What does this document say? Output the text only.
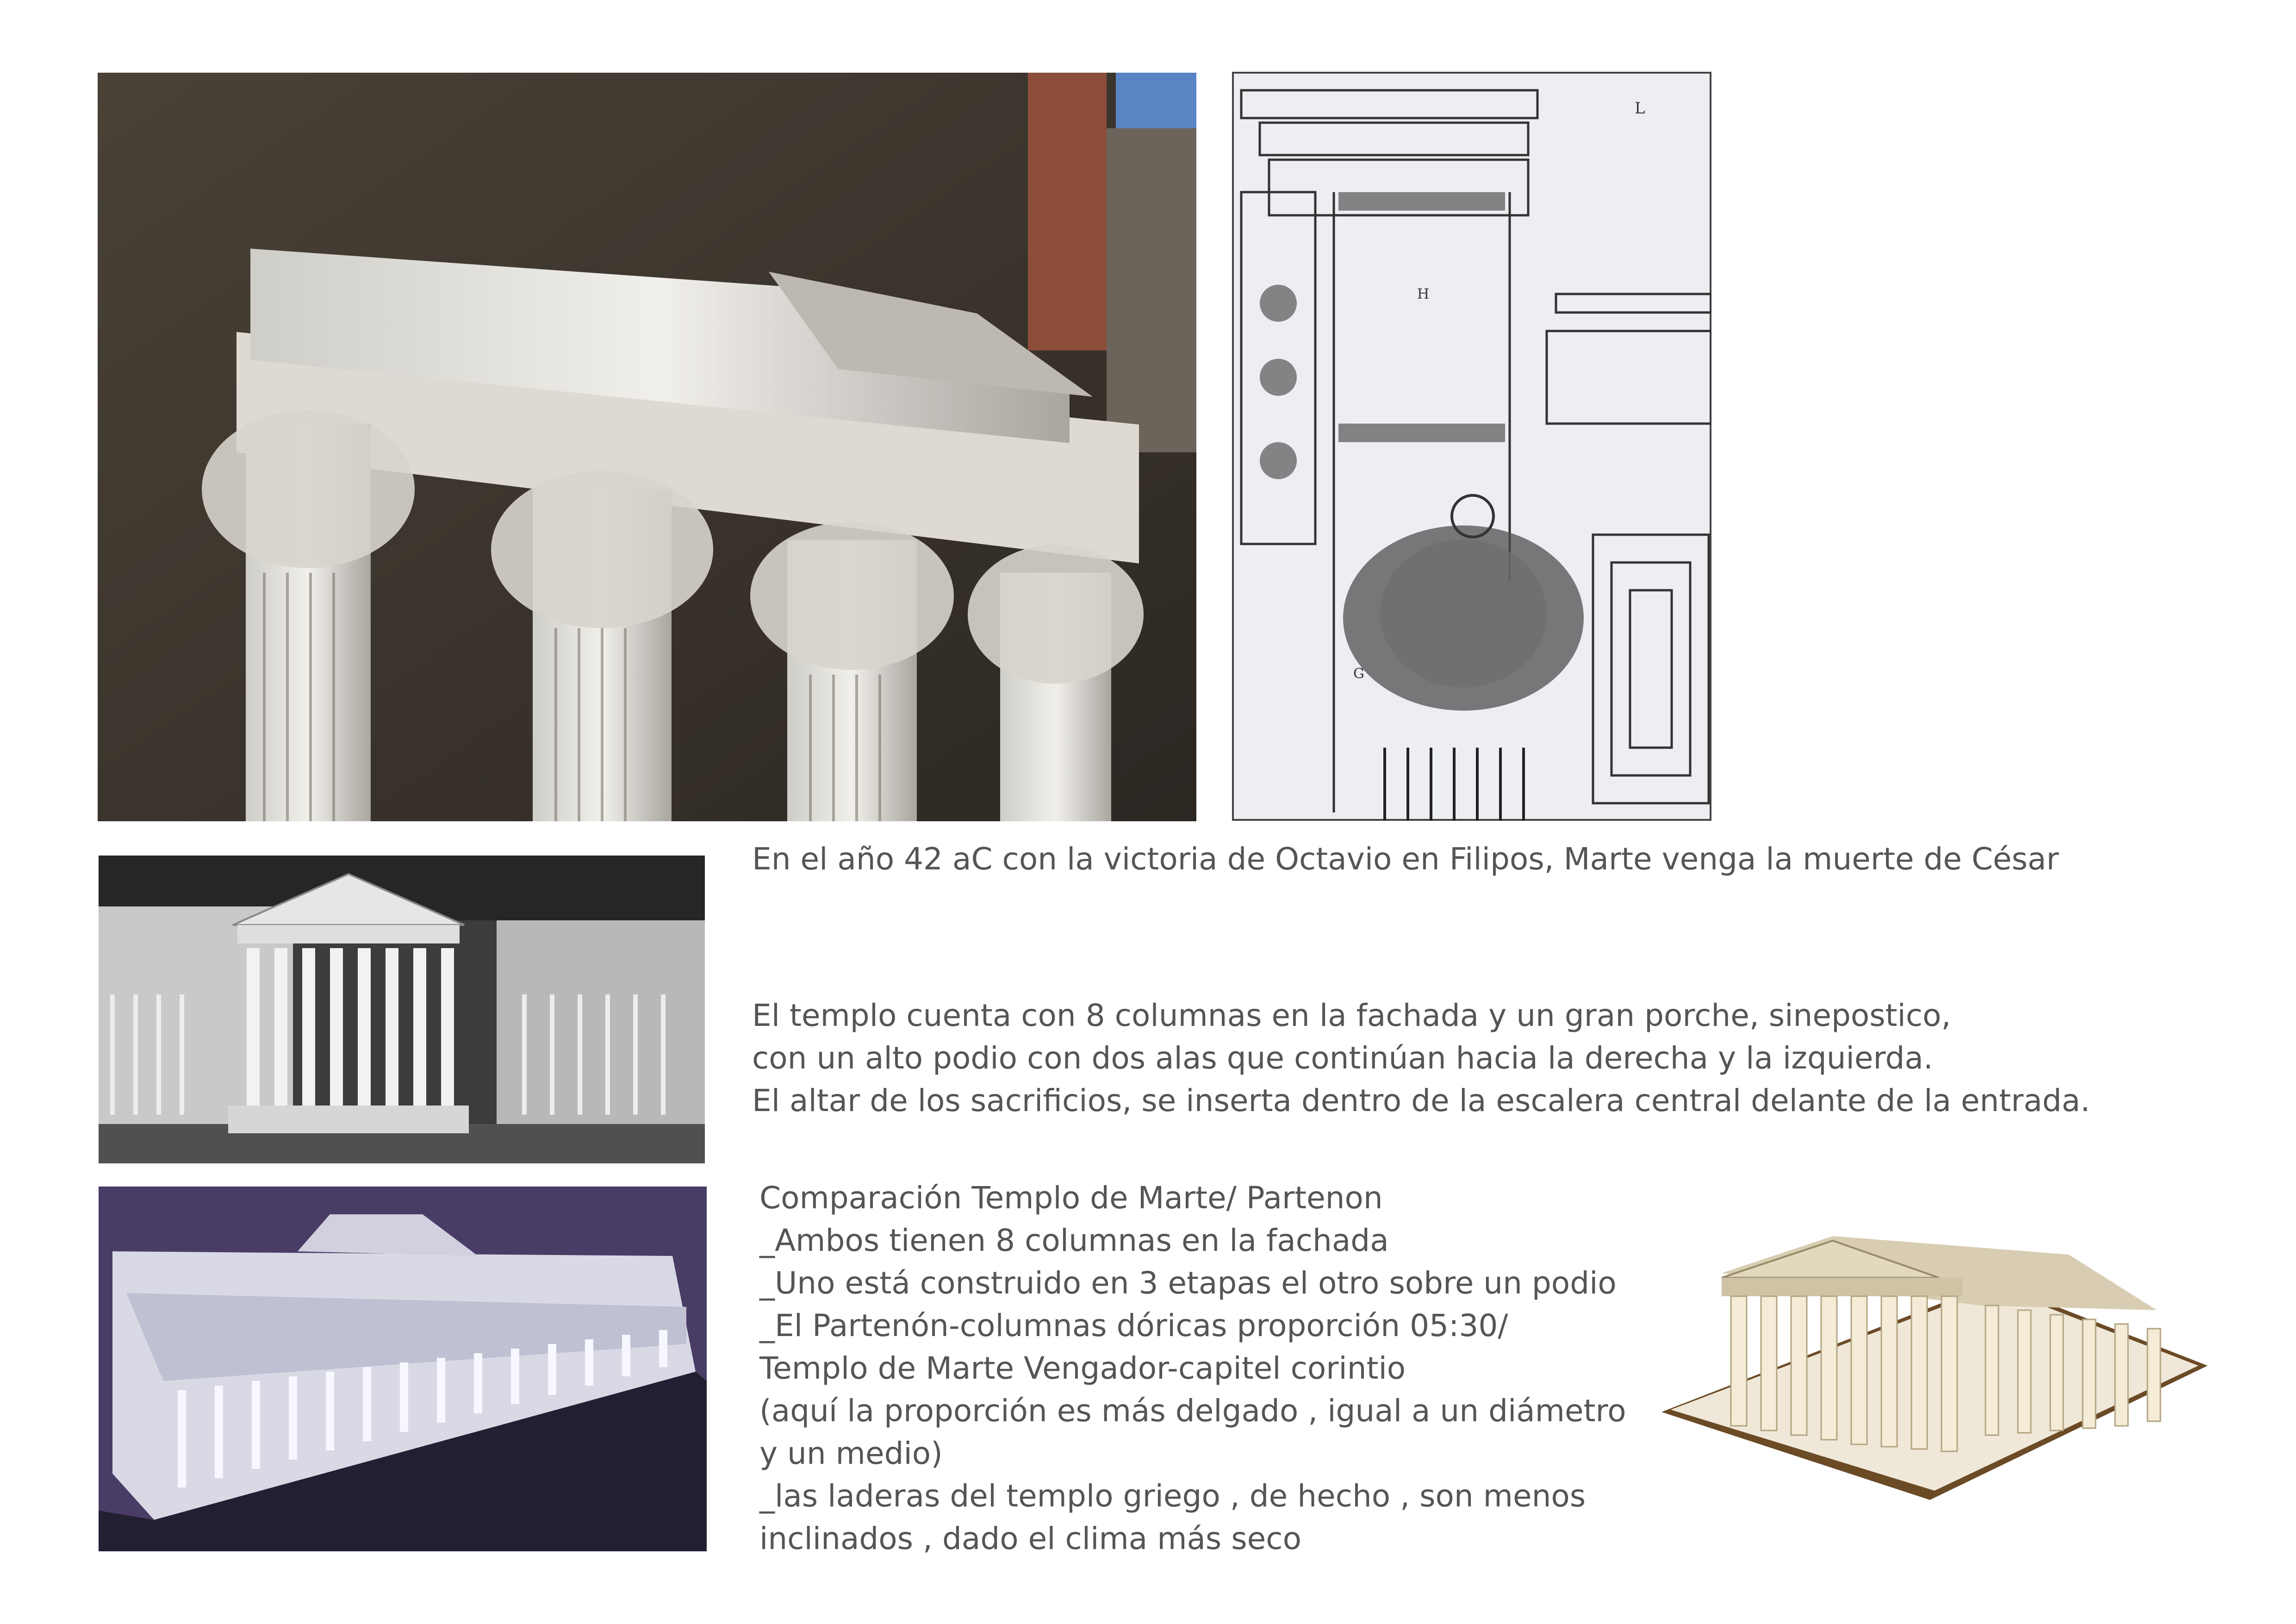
L
H
G

En el año 42 aC con la victoria de Octavio en Filipos, Marte venga la muerte de César

El templo cuenta con 8 columnas en la fachada y un gran porche, sinepostico,

con un alto podio con dos alas que continúan hacia la derecha y la izquierda.

El altar de los sacrificios, se inserta dentro de la escalera central delante de la entrada.

Comparación Templo de Marte/ Partenon

_Ambos tienen 8 columnas en la fachada

_Uno está construido en 3 etapas el otro sobre un podio

_El Partenón-columnas dóricas proporción 05:30/

Templo de Marte Vengador-capitel corintio

(aquí la proporción es más delgado , igual a un diámetro

y un medio)

_las laderas del templo griego , de hecho , son menos

inclinados , dado el clima más seco
